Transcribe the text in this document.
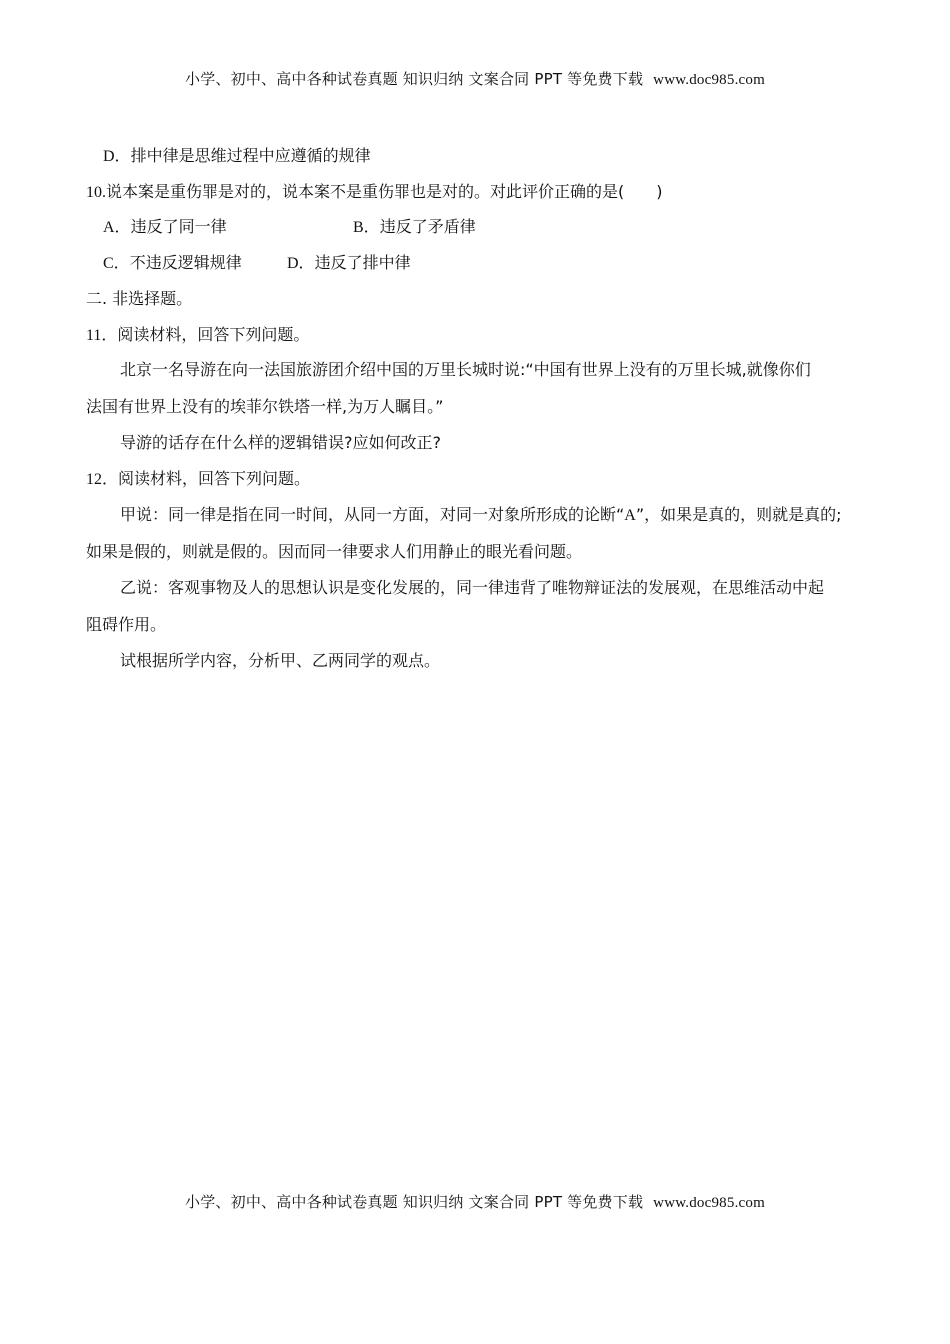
小学、初中、高中各种试卷真题 知识归纳 文案合同 PPT 等免费下载 www.doc985.com
D．排中律是思维过程中应遵循的规律
10.说本案是重伤罪是对的，说本案不是重伤罪也是对的。对此评价正确的是(　　)
A．违反了同一律	B．违反了矛盾律
C．不违反逻辑规律	D．违反了排中律
二. 非选择题。
11．阅读材料，回答下列问题。
北京一名导游在向一法国旅游团介绍中国的万里长城时说:“中国有世界上没有的万里长城,就像你们
法国有世界上没有的埃菲尔铁塔一样,为万人瞩目。”
导游的话存在什么样的逻辑错误?应如何改正?
12．阅读材料，回答下列问题。
甲说：同一律是指在同一时间，从同一方面，对同一对象所形成的论断“A”，如果是真的，则就是真的;
如果是假的，则就是假的。因而同一律要求人们用静止的眼光看问题。
乙说：客观事物及人的思想认识是变化发展的，同一律违背了唯物辩证法的发展观，在思维活动中起
阻碍作用。
试根据所学内容，分析甲、乙两同学的观点。
小学、初中、高中各种试卷真题 知识归纳 文案合同 PPT 等免费下载 www.doc985.com
